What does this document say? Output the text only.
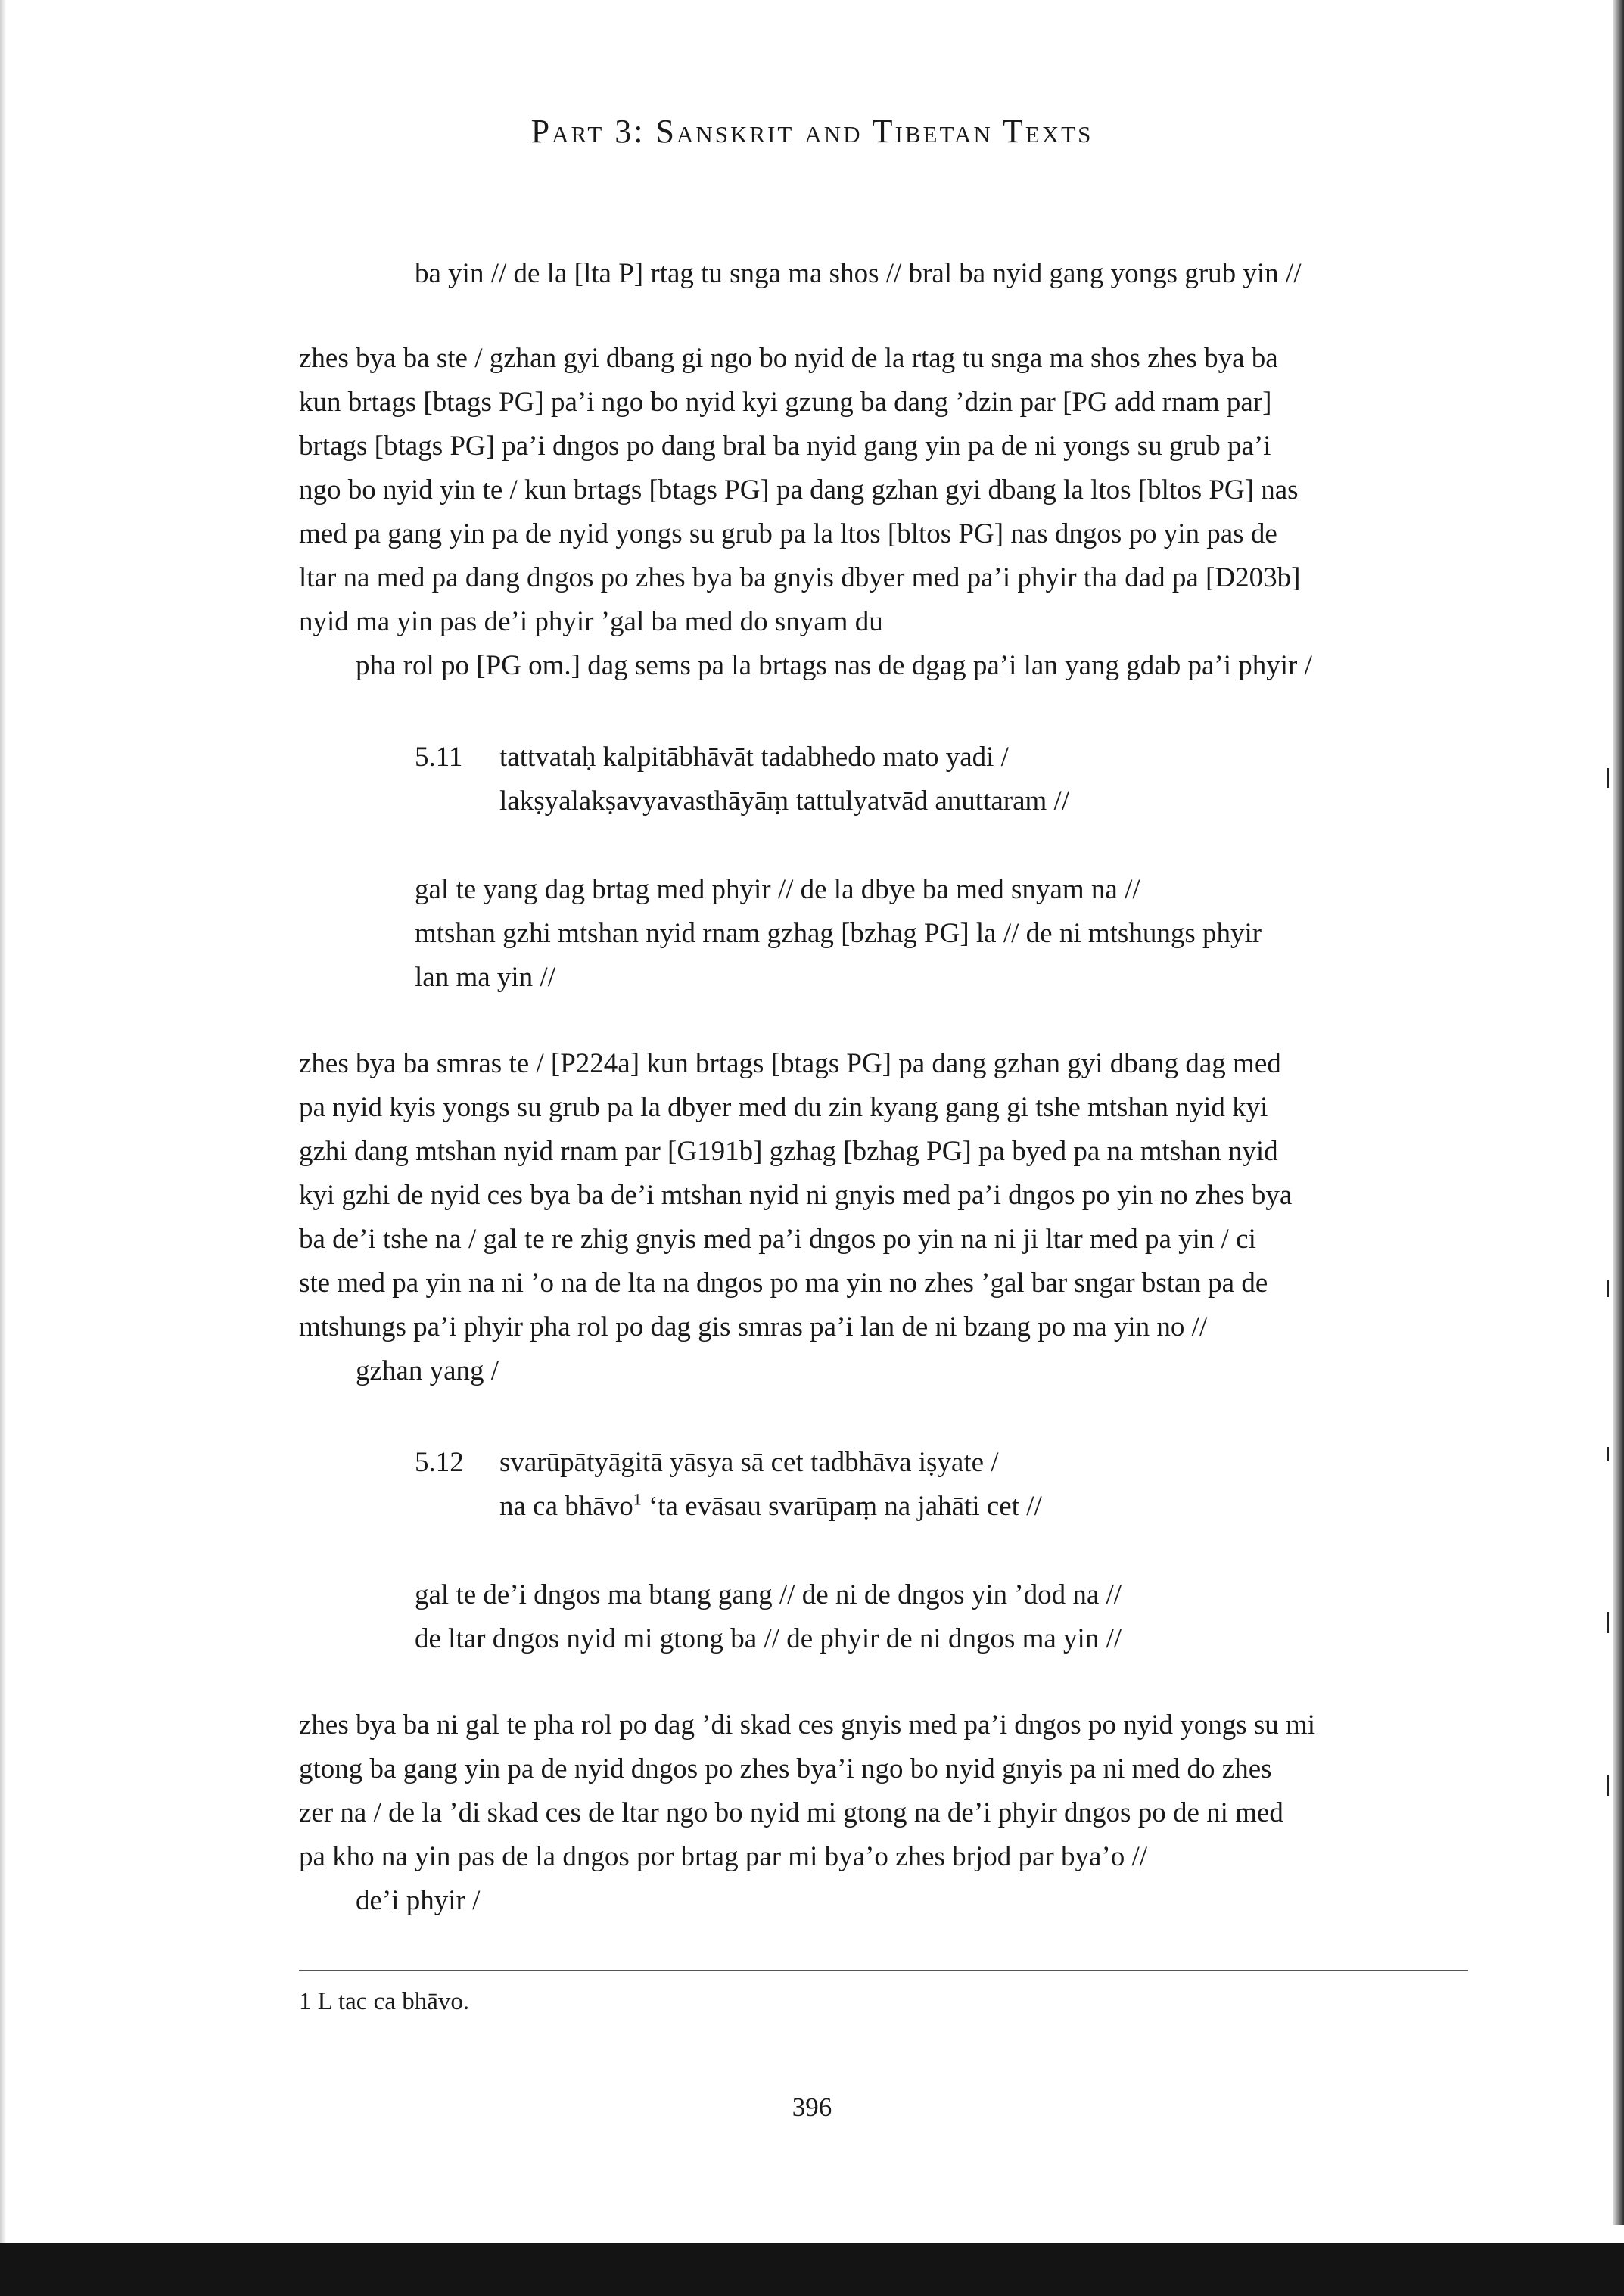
Part 3: Sanskrit and Tibetan Texts
ba yin // de la [lta P] rtag tu snga ma shos // bral ba nyid gang yongs grub yin //
zhes bya ba ste / gzhan gyi dbang gi ngo bo nyid de la rtag tu snga ma shos zhes bya ba
kun brtags [btags PG] pa’i ngo bo nyid kyi gzung ba dang ’dzin par [PG add rnam par]
brtags [btags PG] pa’i dngos po dang bral ba nyid gang yin pa de ni yongs su grub pa’i
ngo bo nyid yin te / kun brtags [btags PG] pa dang gzhan gyi dbang la ltos [bltos PG] nas
med pa gang yin pa de nyid yongs su grub pa la ltos [bltos PG] nas dngos po yin pas de
ltar na med pa dang dngos po zhes bya ba gnyis dbyer med pa’i phyir tha dad pa [D203b]
nyid ma yin pas de’i phyir ’gal ba med do snyam du
pha rol po [PG om.] dag sems pa la brtags nas de dgag pa’i lan yang gdab pa’i phyir /
5.11 tattvataḥ kalpitābhāvāt tadabhedo mato yadi /
lakṣyalakṣavyavasthāyāṃ tattulyatvād anuttaram //
gal te yang dag brtag med phyir // de la dbye ba med snyam na //
mtshan gzhi mtshan nyid rnam gzhag [bzhag PG] la // de ni mtshungs phyir
lan ma yin //
zhes bya ba smras te / [P224a] kun brtags [btags PG] pa dang gzhan gyi dbang dag med
pa nyid kyis yongs su grub pa la dbyer med du zin kyang gang gi tshe mtshan nyid kyi
gzhi dang mtshan nyid rnam par [G191b] gzhag [bzhag PG] pa byed pa na mtshan nyid
kyi gzhi de nyid ces bya ba de’i mtshan nyid ni gnyis med pa’i dngos po yin no zhes bya
ba de’i tshe na / gal te re zhig gnyis med pa’i dngos po yin na ni ji ltar med pa yin / ci
ste med pa yin na ni ’o na de lta na dngos po ma yin no zhes ’gal bar sngar bstan pa de
mtshungs pa’i phyir pha rol po dag gis smras pa’i lan de ni bzang po ma yin no //
gzhan yang /
5.12 svarūpātyāgitā yāsya sā cet tadbhāva iṣyate /
na ca bhāvo$^1$ ‘ta evāsau svarūpaṃ na jahāti cet //
gal te de’i dngos ma btang gang // de ni de dngos yin ’dod na //
de ltar dngos nyid mi gtong ba // de phyir de ni dngos ma yin //
zhes bya ba ni gal te pha rol po dag ’di skad ces gnyis med pa’i dngos po nyid yongs su mi
gtong ba gang yin pa de nyid dngos po zhes bya’i ngo bo nyid gnyis pa ni med do zhes
zer na / de la ’di skad ces de ltar ngo bo nyid mi gtong na de’i phyir dngos po de ni med
pa kho na yin pas de la dngos por brtag par mi bya’o zhes brjod par bya’o //
de’i phyir /
1 L tac ca bhāvo.
396
